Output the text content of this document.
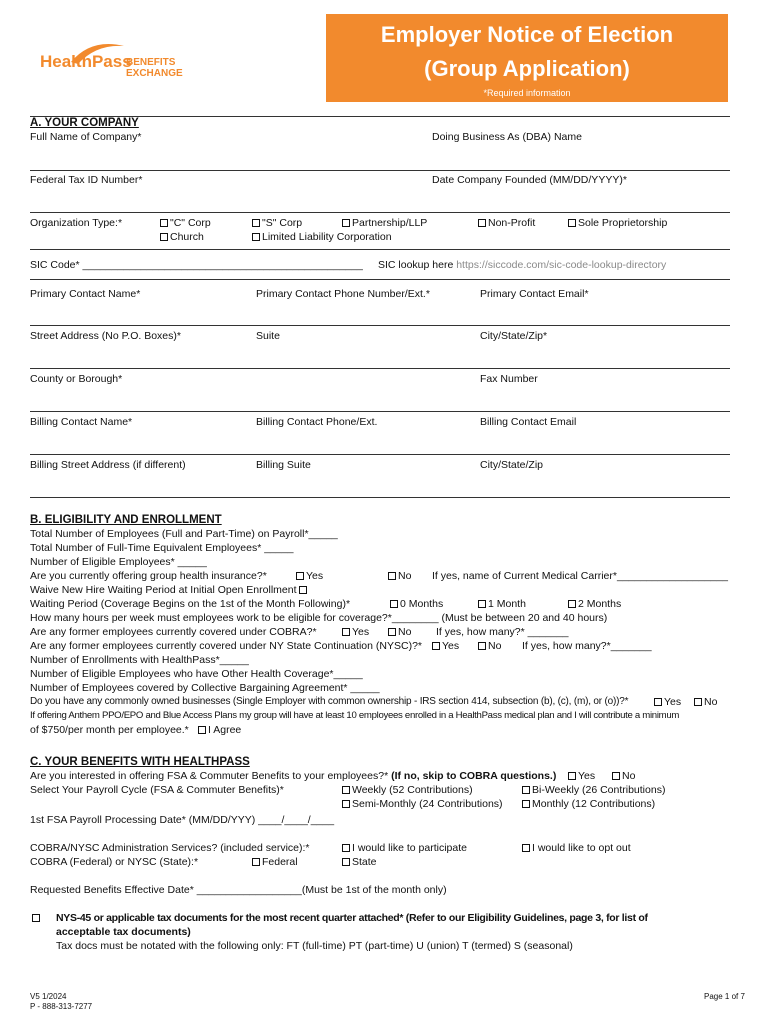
HealthPass
BENEFITS EXCHANGE
Employer Notice of Election
(Group Application)
*Required information
A. YOUR COMPANY
Full Name of Company*	Doing Business As (DBA) Name
Federal Tax ID Number*	Date Company Founded (MM/DD/YYYY)*
Organization Type:*	"C" Corp	"S" Corp	Partnership/LLP	Non-Profit	Sole Proprietorship
Church	Limited Liability Corporation
SIC Code* ________________________________________________ SIC lookup here https://siccode.com/sic-code-lookup-directory
Primary Contact Name*	Primary Contact Phone Number/Ext.*	Primary Contact Email*
Street Address (No P.O. Boxes)*	Suite	City/State/Zip*
County or Borough*	Fax Number
Billing Contact Name*	Billing Contact Phone/Ext.	Billing Contact Email
Billing Street Address (if different)	Billing Suite	City/State/Zip
B. ELIGIBILITY AND ENROLLMENT
Total Number of Employees (Full and Part-Time) on Payroll*_____
Total Number of Full-Time Equivalent Employees* _____
Number of Eligible Employees* _____
Are you currently offering group health insurance?*	Yes	No If yes, name of Current Medical Carrier*___________________
Waive New Hire Waiting Period at Initial Open Enrollment
Waiting Period (Coverage Begins on the 1st of the Month Following)*	0 Months	1 Month	2 Months
How many hours per week must employees work to be eligible for coverage?*________ (Must be between 20 and 40 hours)
Are any former employees currently covered under COBRA?*	Yes	No If yes, how many?* _______
Are any former employees currently covered under NY State Continuation (NYSC)?*	Yes	No If yes, how many?*_______
Number of Enrollments with HealthPass*_____
Number of Eligible Employees who have Other Health Coverage*_____
Number of Employees covered by Collective Bargaining Agreement* _____
Do you have any commonly owned businesses (Single Employer with common ownership - IRS section 414, subsection (b), (c), (m), or (o))?*	Yes	No
If offering Anthem PPO/EPO and Blue Access Plans my group will have at least 10 employees enrolled in a HealthPass medical plan and I will contribute a minimum
of $750/per month per employee.*	I Agree
C. YOUR BENEFITS WITH HEALTHPASS
Are you interested in offering FSA & Commuter Benefits to your employees?* (If no, skip to COBRA questions.)	Yes	No
Select Your Payroll Cycle (FSA & Commuter Benefits)*	Weekly (52 Contributions)	Bi-Weekly (26 Contributions)
Semi-Monthly (24 Contributions)	Monthly (12 Contributions)
1st FSA Payroll Processing Date* (MM/DD/YYY) ____/____/____
COBRA/NYSC Administration Services? (included service):*	I would like to participate	I would like to opt out
COBRA (Federal) or NYSC (State):*	Federal	State
Requested Benefits Effective Date* __________________(Must be 1st of the month only)
NYS-45 or applicable tax documents for the most recent quarter attached* (Refer to our Eligibility Guidelines, page 3, for list of
acceptable tax documents)
Tax docs must be notated with the following only: FT (full-time) PT (part-time) U (union) T (termed) S (seasonal)
V5 1/2024
P - 888-313-7277
Page 1 of 7
